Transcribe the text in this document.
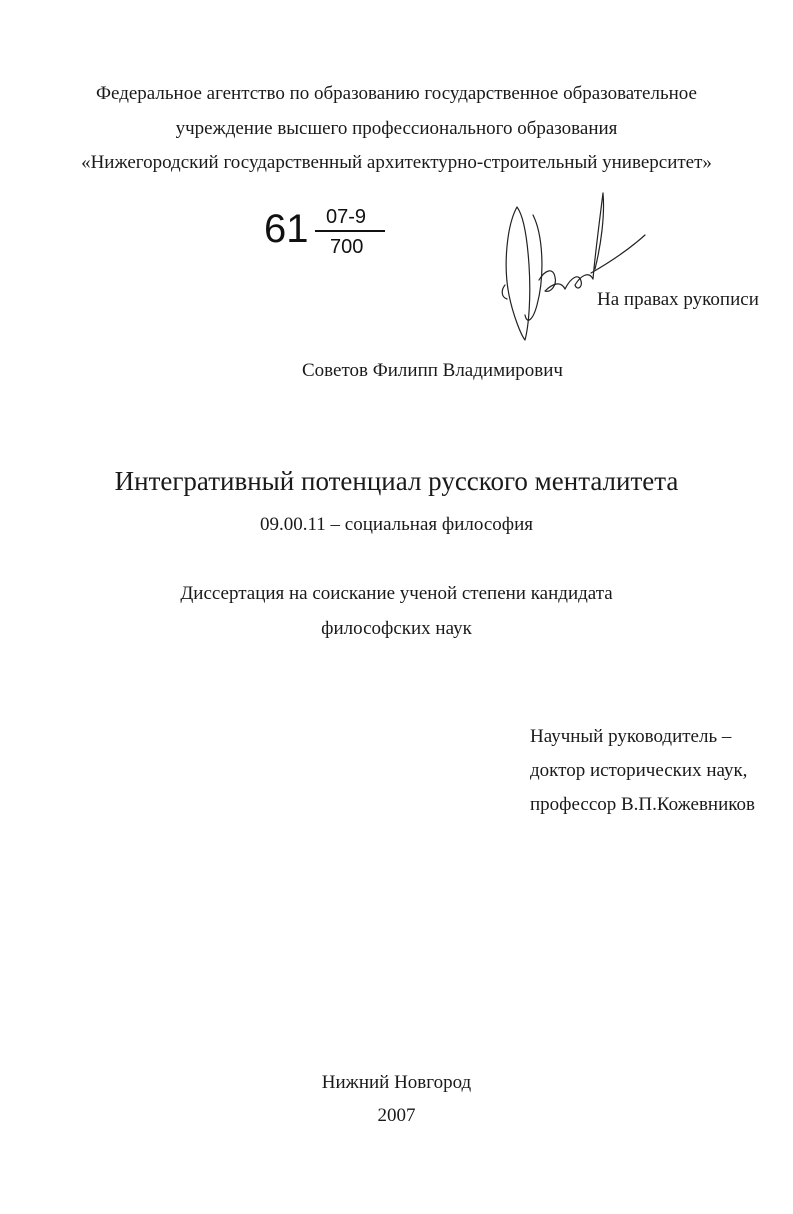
Федеральное агентство по образованию государственное образовательное
учреждение высшего профессионального образования
«Нижегородский государственный архитектурно-строительный университет»
61 07-9
700
На правах рукописи
Советов Филипп Владимирович
Интегративный потенциал русского менталитета
09.00.11 – социальная философия
Диссертация на соискание ученой степени кандидата
философских наук
Научный руководитель –
доктор исторических наук,
профессор В.П.Кожевников
Нижний Новгород
2007
